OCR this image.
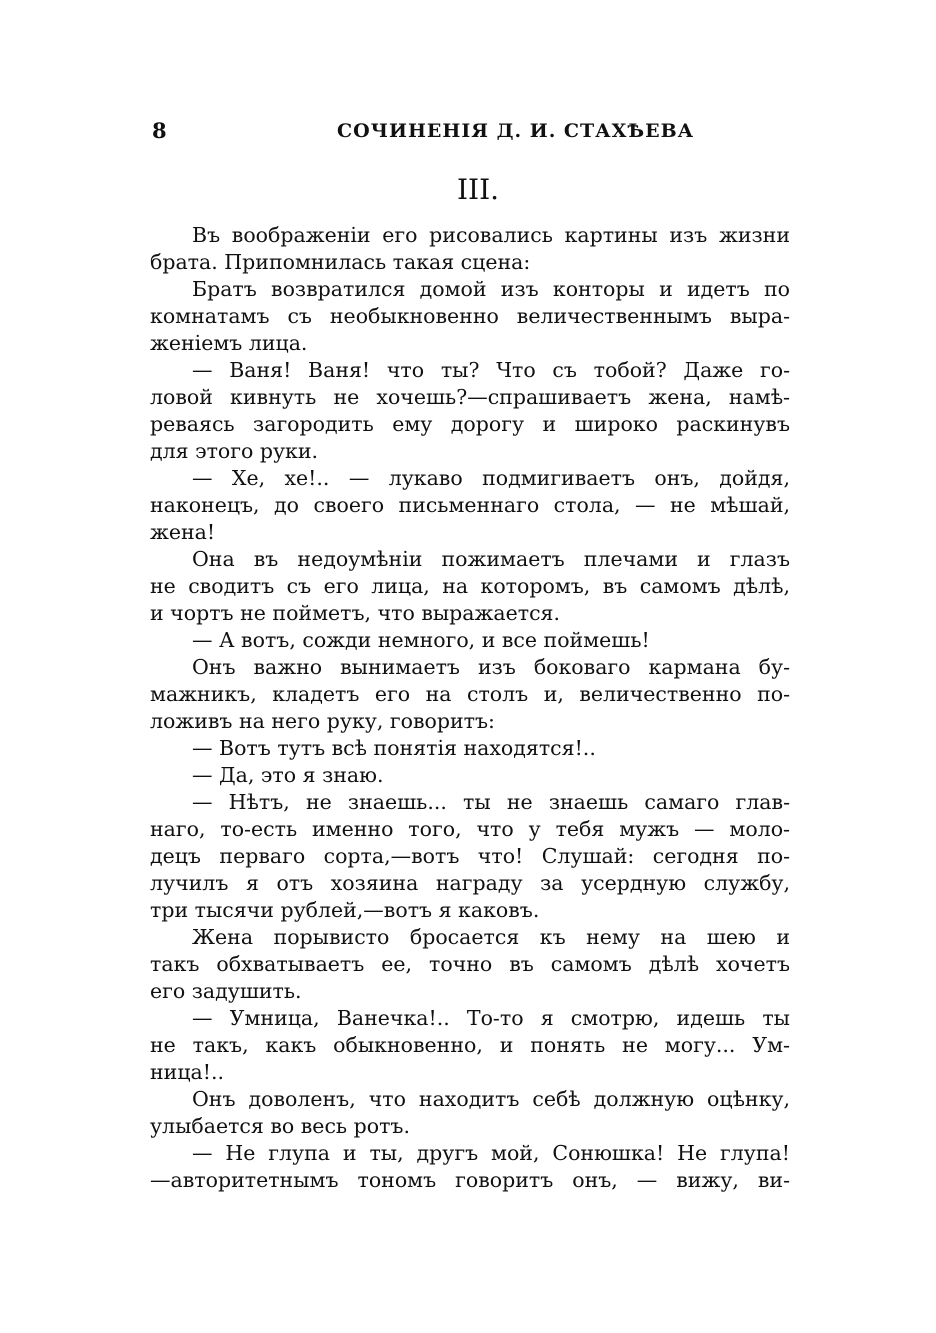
8	СОЧИНЕНІЯ Д. И. СТАХѢЕВА
III.
Въ воображеніи его рисовались картины изъ жизни
брата. Припомнилась такая сцена:
Братъ возвратился домой изъ конторы и идетъ по
комнатамъ съ необыкновенно величественнымъ выра-
женіемъ лица.
— Ваня! Ваня! что ты? Что съ тобой? Даже го-
ловой кивнуть не хочешь?—спрашиваетъ жена, намѣ-
реваясь загородить ему дорогу и широко раскинувъ
для этого руки.
— Хе, хе!.. — лукаво подмигиваетъ онъ, дойдя,
наконецъ, до своего письменнаго стола, — не мѣшай,
жена!
Она въ недоумѣніи пожимаетъ плечами и глазъ
не сводитъ съ его лица, на которомъ, въ самомъ дѣлѣ,
и чортъ не пойметъ, что выражается.
— А вотъ, сожди немного, и все поймешь!
Онъ важно вынимаетъ изъ боковаго кармана бу-
мажникъ, кладетъ его на столъ и, величественно по-
ложивъ на него руку, говоритъ:
— Вотъ тутъ всѣ понятія находятся!..
— Да, это я знаю.
— Нѣтъ, не знаешь... ты не знаешь самаго глав-
наго, то-есть именно того, что у тебя мужъ — моло-
децъ перваго сорта,—вотъ что! Слушай: сегодня по-
лучилъ я отъ хозяина награду за усердную службу,
три тысячи рублей,—вотъ я каковъ.
Жена порывисто бросается къ нему на шею и
такъ обхватываетъ ее, точно въ самомъ дѣлѣ хочетъ
его задушить.
— Умница, Ванечка!.. То-то я смотрю, идешь ты
не такъ, какъ обыкновенно, и понять не могу... Ум-
ница!..
Онъ доволенъ, что находитъ себѣ должную оцѣнку,
улыбается во весь ротъ.
— Не глупа и ты, другъ мой, Сонюшка! Не глупа!
—авторитетнымъ тономъ говоритъ онъ, — вижу, ви-
